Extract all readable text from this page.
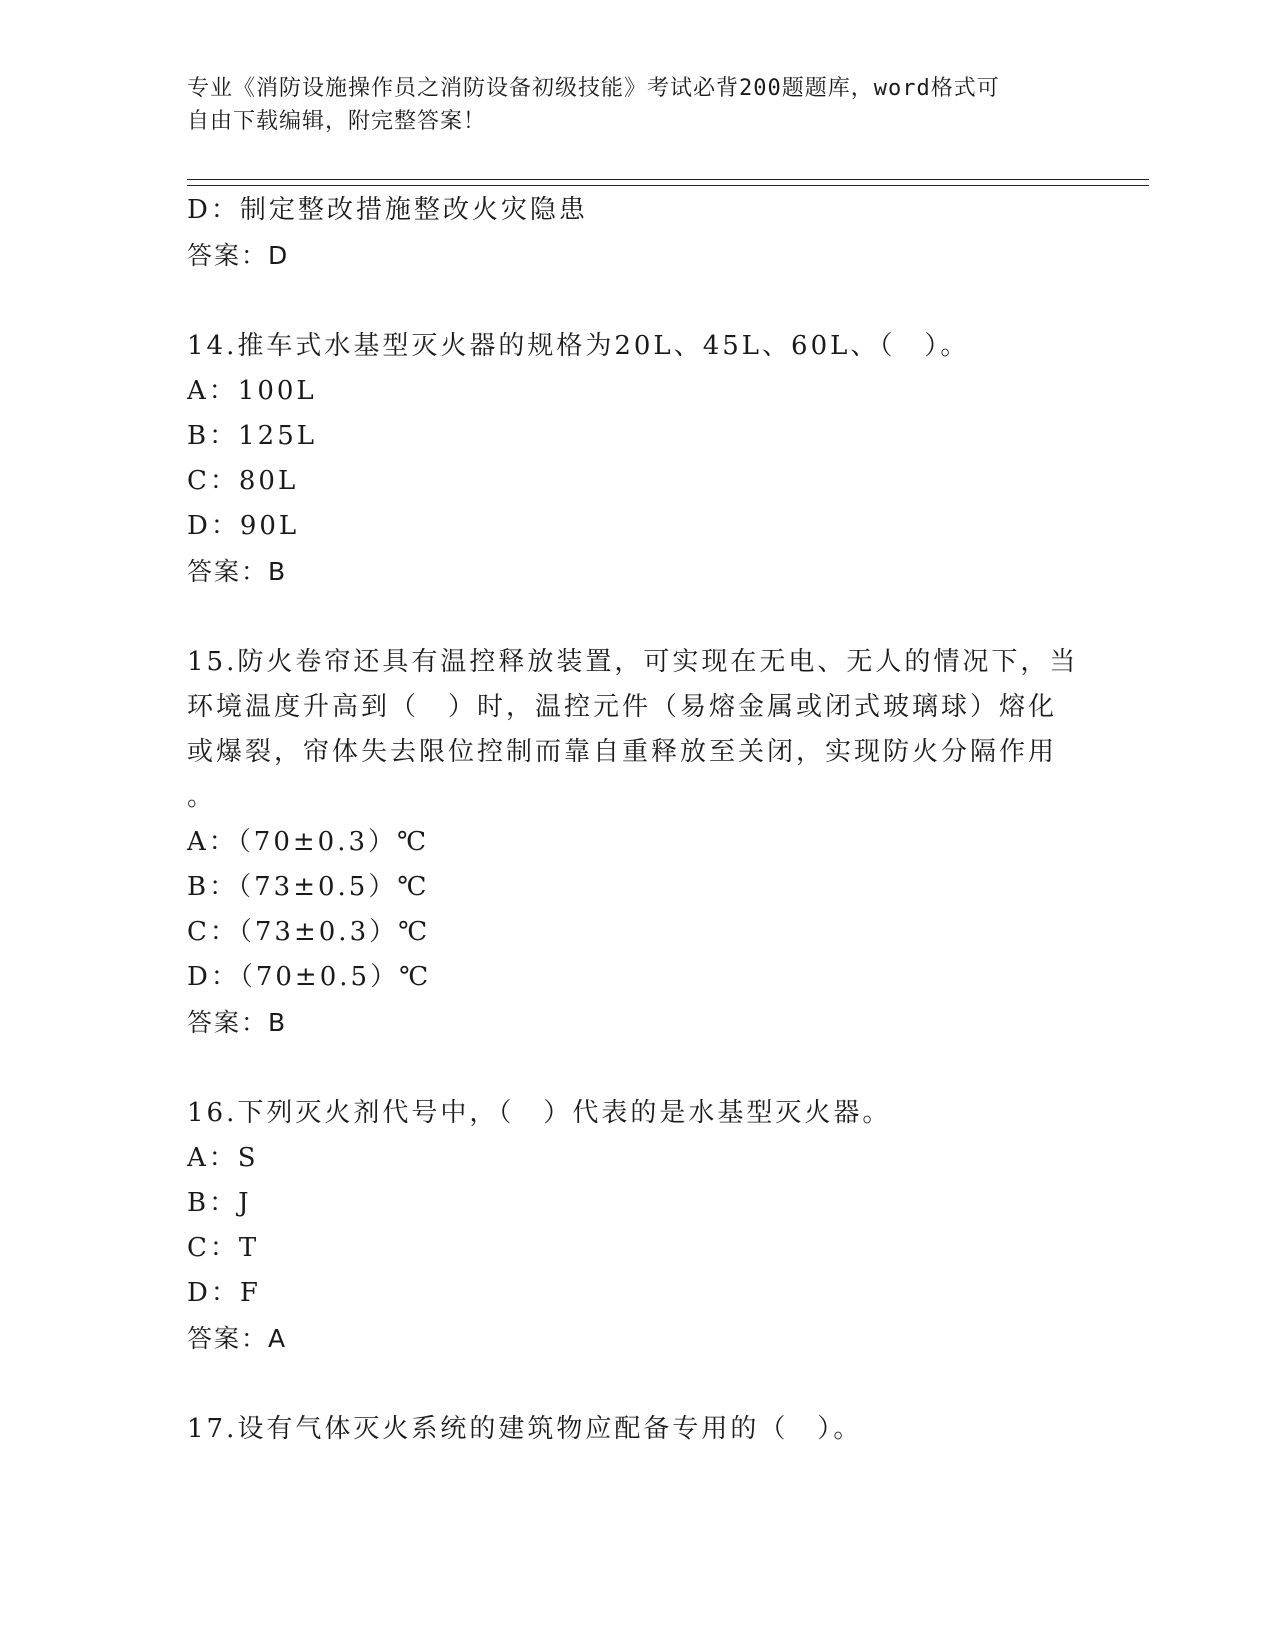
专业《消防设施操作员之消防设备初级技能》考试必背200题题库，word格式可
自由下载编辑，附完整答案！
D：制定整改措施整改火灾隐患
答案：D
14.推车式水基型灭火器的规格为20L、45L、60L、（　）。
A：100L
B：125L
C：80L
D：90L
答案：B
15.防火卷帘还具有温控释放装置，可实现在无电、无人的情况下，当
环境温度升高到（　）时，温控元件（易熔金属或闭式玻璃球）熔化
或爆裂，帘体失去限位控制而靠自重释放至关闭，实现防火分隔作用
。
A：（70±0.3）℃
B：（73±0.5）℃
C：（73±0.3）℃
D：（70±0.5）℃
答案：B
16.下列灭火剂代号中，（　）代表的是水基型灭火器。
A：S
B：J
C：T
D：F
答案：A
17.设有气体灭火系统的建筑物应配备专用的（　）。
